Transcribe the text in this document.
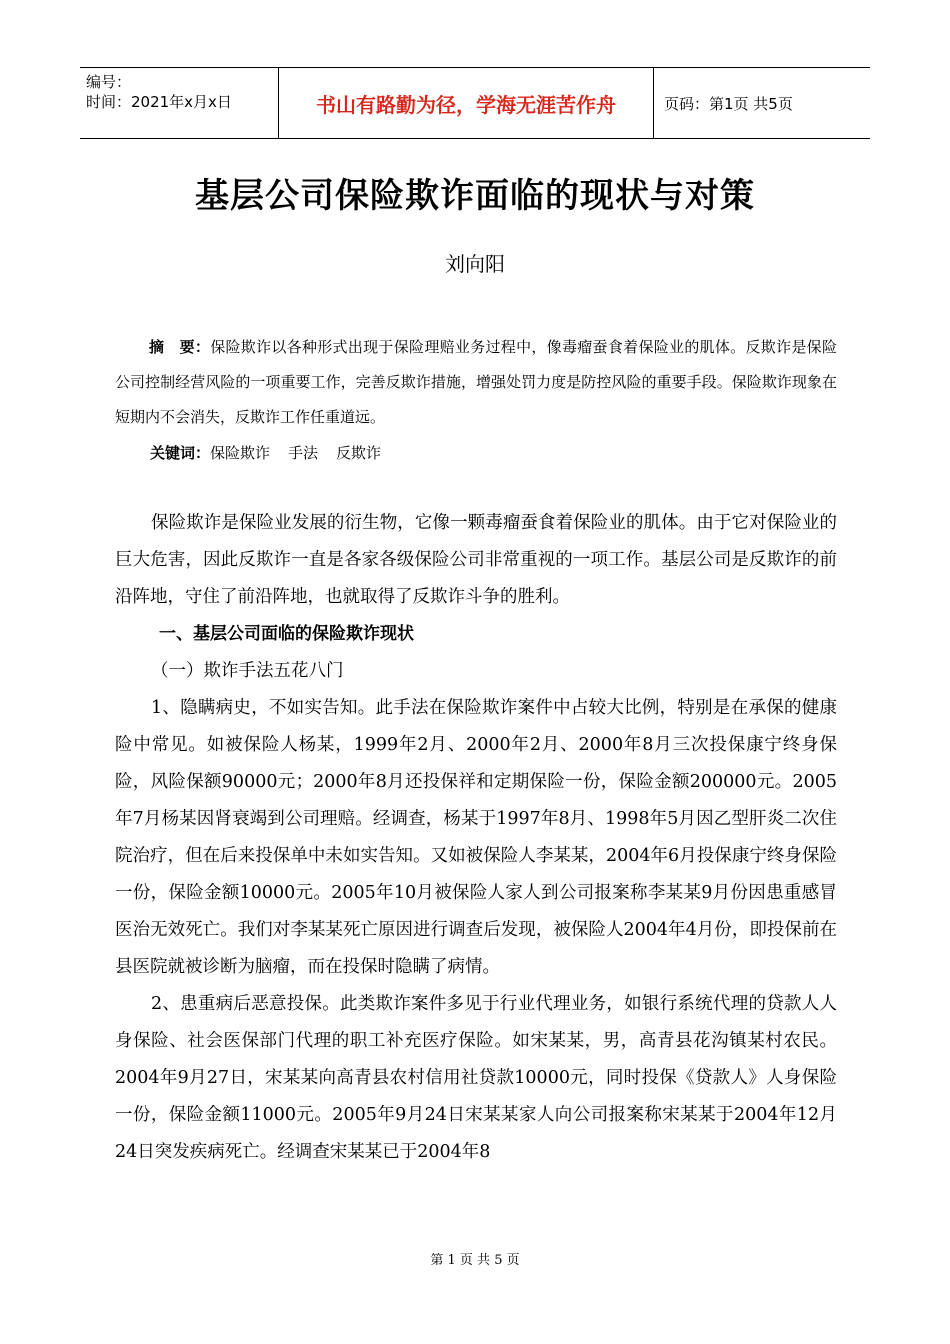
编号：
时间：2021年x月x日	书山有路勤为径，学海无涯苦作舟	页码：第1页 共5页
基层公司保险欺诈面临的现状与对策
刘向阳
摘　要：保险欺诈以各种形式出现于保险理赔业务过程中，像毒瘤蚕食着保险业的肌体。反欺诈是保险公司控制经营风险的一项重要工作，完善反欺诈措施，增强处罚力度是防控风险的重要手段。保险欺诈现象在短期内不会消失，反欺诈工作任重道远。
关键词：保险欺诈 手法 反欺诈

保险欺诈是保险业发展的衍生物，它像一颗毒瘤蚕食着保险业的肌体。由于它对保险业的巨大危害，因此反欺诈一直是各家各级保险公司非常重视的一项工作。基层公司是反欺诈的前沿阵地，守住了前沿阵地，也就取得了反欺诈斗争的胜利。

一、基层公司面临的保险欺诈现状

（一）欺诈手法五花八门

1、隐瞒病史，不如实告知。此手法在保险欺诈案件中占较大比例，特别是在承保的健康险中常见。如被保险人杨某，1999年2月、2000年2月、2000年8月三次投保康宁终身保险，风险保额90000元；2000年8月还投保祥和定期保险一份，保险金额200000元。2005年7月杨某因肾衰竭到公司理赔。经调查，杨某于1997年8月、1998年5月因乙型肝炎二次住院治疗，但在后来投保单中未如实告知。又如被保险人李某某，2004年6月投保康宁终身保险一份，保险金额10000元。2005年10月被保险人家人到公司报案称李某某9月份因患重感冒医治无效死亡。我们对李某某死亡原因进行调查后发现，被保险人2004年4月份，即投保前在县医院就被诊断为脑瘤，而在投保时隐瞒了病情。

2、患重病后恶意投保。此类欺诈案件多见于行业代理业务，如银行系统代理的贷款人人身保险、社会医保部门代理的职工补充医疗保险。如宋某某，男，高青县花沟镇某村农民。2004年9月27日，宋某某向高青县农村信用社贷款10000元，同时投保《贷款人》人身保险一份，保险金额11000元。2005年9月24日宋某某家人向公司报案称宋某某于2004年12月24日突发疾病死亡。经调查宋某某已于2004年8

第 1 页 共 5 页
